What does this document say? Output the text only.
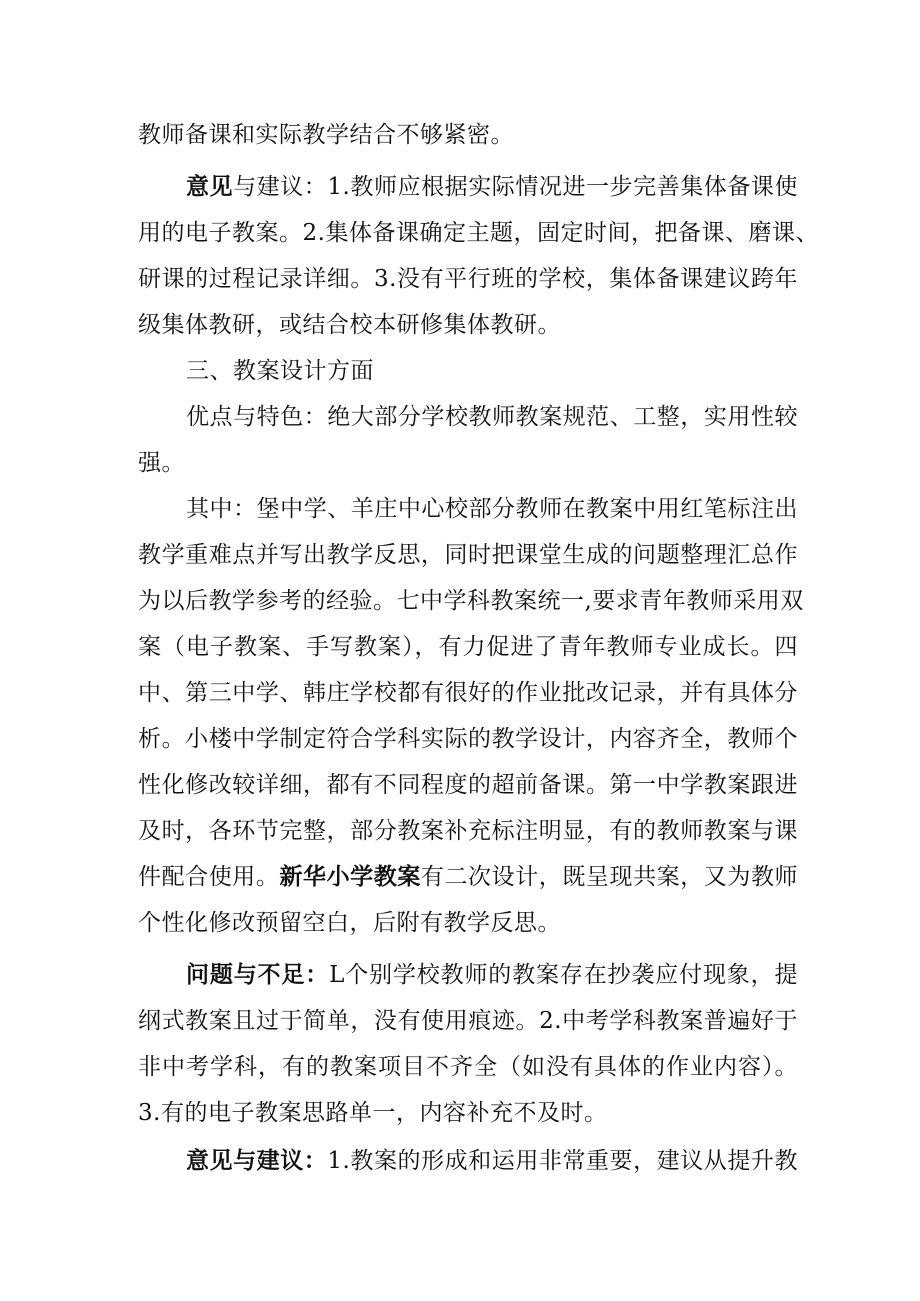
教师备课和实际教学结合不够紧密。
意见与建议：1.教师应根据实际情况进一步完善集体备课使
用的电子教案。2.集体备课确定主题，固定时间，把备课、磨课、
研课的过程记录详细。3.没有平行班的学校，集体备课建议跨年
级集体教研，或结合校本研修集体教研。
三、教案设计方面
优点与特色：绝大部分学校教师教案规范、工整，实用性较
强。
其中：堡中学、羊庄中心校部分教师在教案中用红笔标注出
教学重难点并写出教学反思，同时把课堂生成的问题整理汇总作
为以后教学参考的经验。七中学科教案统一,要求青年教师采用双
案（电子教案、手写教案），有力促进了青年教师专业成长。四
中、第三中学、韩庄学校都有很好的作业批改记录，并有具体分
析。小楼中学制定符合学科实际的教学设计，内容齐全，教师个
性化修改较详细，都有不同程度的超前备课。第一中学教案跟进
及时，各环节完整，部分教案补充标注明显，有的教师教案与课
件配合使用。新华小学教案有二次设计，既呈现共案，又为教师
个性化修改预留空白，后附有教学反思。
问题与不足：L个别学校教师的教案存在抄袭应付现象，提
纲式教案且过于简单，没有使用痕迹。2.中考学科教案普遍好于
非中考学科，有的教案项目不齐全（如没有具体的作业内容）。
3.有的电子教案思路单一，内容补充不及时。
意见与建议：1.教案的形成和运用非常重要，建议从提升教
